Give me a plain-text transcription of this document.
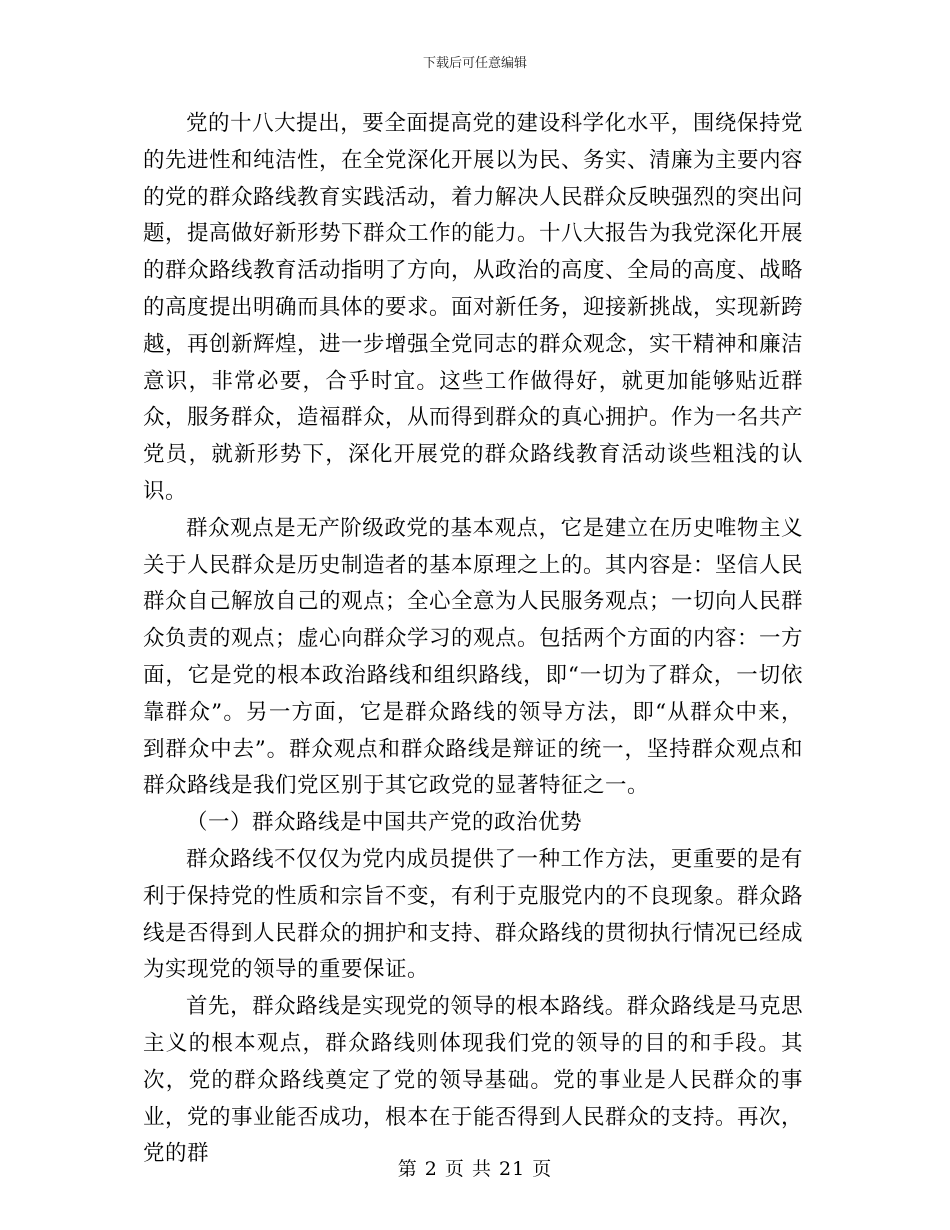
下载后可任意编辑

党的十八大提出，要全面提高党的建设科学化水平，围绕保持党的先进性和纯洁性，在全党深化开展以为民、务实、清廉为主要内容的党的群众路线教育实践活动，着力解决人民群众反映强烈的突出问题，提高做好新形势下群众工作的能力。十八大报告为我党深化开展的群众路线教育活动指明了方向，从政治的高度、全局的高度、战略的高度提出明确而具体的要求。面对新任务，迎接新挑战，实现新跨越，再创新辉煌，进一步增强全党同志的群众观念，实干精神和廉洁意识，非常必要，合乎时宜。这些工作做得好，就更加能够贴近群众，服务群众，造福群众，从而得到群众的真心拥护。作为一名共产党员，就新形势下，深化开展党的群众路线教育活动谈些粗浅的认识。

群众观点是无产阶级政党的基本观点，它是建立在历史唯物主义关于人民群众是历史制造者的基本原理之上的。其内容是：坚信人民群众自己解放自己的观点；全心全意为人民服务观点；一切向人民群众负责的观点；虚心向群众学习的观点。包括两个方面的内容：一方面，它是党的根本政治路线和组织路线，即“一切为了群众，一切依靠群众”。另一方面，它是群众路线的领导方法，即“从群众中来，到群众中去”。群众观点和群众路线是辩证的统一，坚持群众观点和群众路线是我们党区别于其它政党的显著特征之一。

（一）群众路线是中国共产党的政治优势

群众路线不仅仅为党内成员提供了一种工作方法，更重要的是有利于保持党的性质和宗旨不变，有利于克服党内的不良现象。群众路线是否得到人民群众的拥护和支持、群众路线的贯彻执行情况已经成为实现党的领导的重要保证。

首先，群众路线是实现党的领导的根本路线。群众路线是马克思主义的根本观点，群众路线则体现我们党的领导的目的和手段。其次，党的群众路线奠定了党的领导基础。党的事业是人民群众的事业，党的事业能否成功，根本在于能否得到人民群众的支持。再次，党的群

第 2 页 共 21 页
